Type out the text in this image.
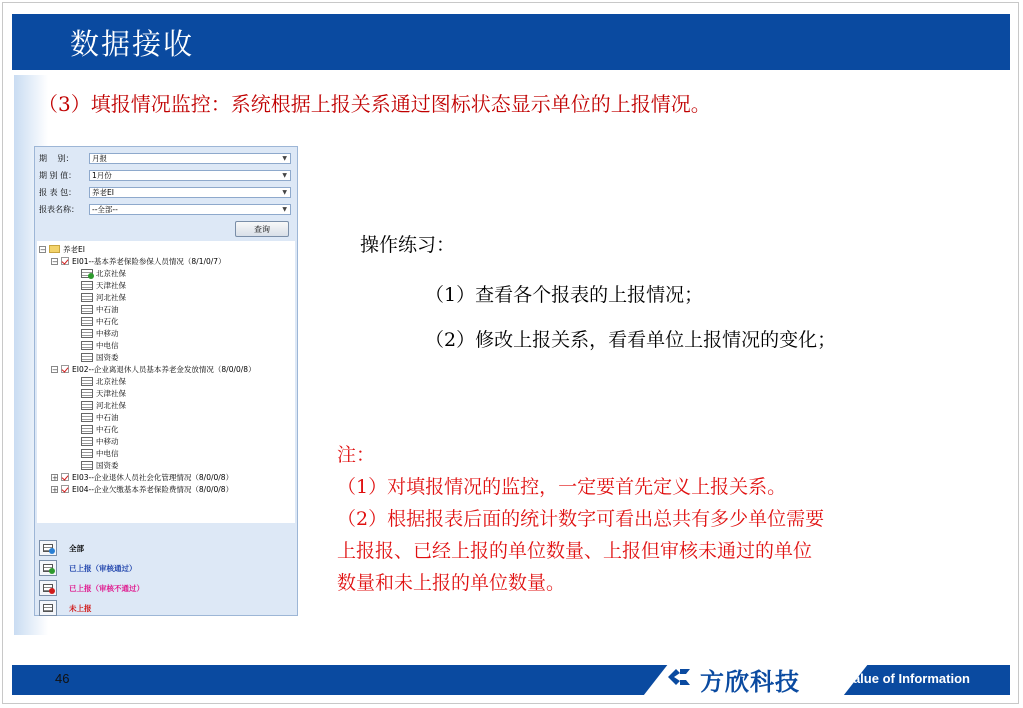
数据接收
（3）填报情况监控：系统根据上报关系通过图标状态显示单位的上报情况。
期　 别：	月报	▼
期 别 值：	1月份	▼
报 表 包：	养老EI	▼
报表名称：	--全部--	▼
查询
− 养老EI
− EI01--基本养老保险参保人员情况（8/1/0/7）
北京社保
天津社保
河北社保
中石油
中石化
中移动
中电信
国资委
− EI02--企业离退休人员基本养老金发放情况（8/0/0/8）
北京社保
天津社保
河北社保
中石油
中石化
中移动
中电信
国资委
+ EI03--企业退休人员社会化管理情况（8/0/0/8）
+ EI04--企业欠缴基本养老保险费情况（8/0/0/8）
全部
已上报（审核通过）
已上报（审核不通过）
未上报
操作练习：
（1）查看各个报表的上报情况；
（2）修改上报关系，看看单位上报情况的变化；
注：
（1）对填报情况的监控，一定要首先定义上报关系。
（2）根据报表后面的统计数字可看出总共有多少单位需要
上报报、已经上报的单位数量、上报但审核未通过的单位
数量和未上报的单位数量。
46	方欣科技	Value of Information
